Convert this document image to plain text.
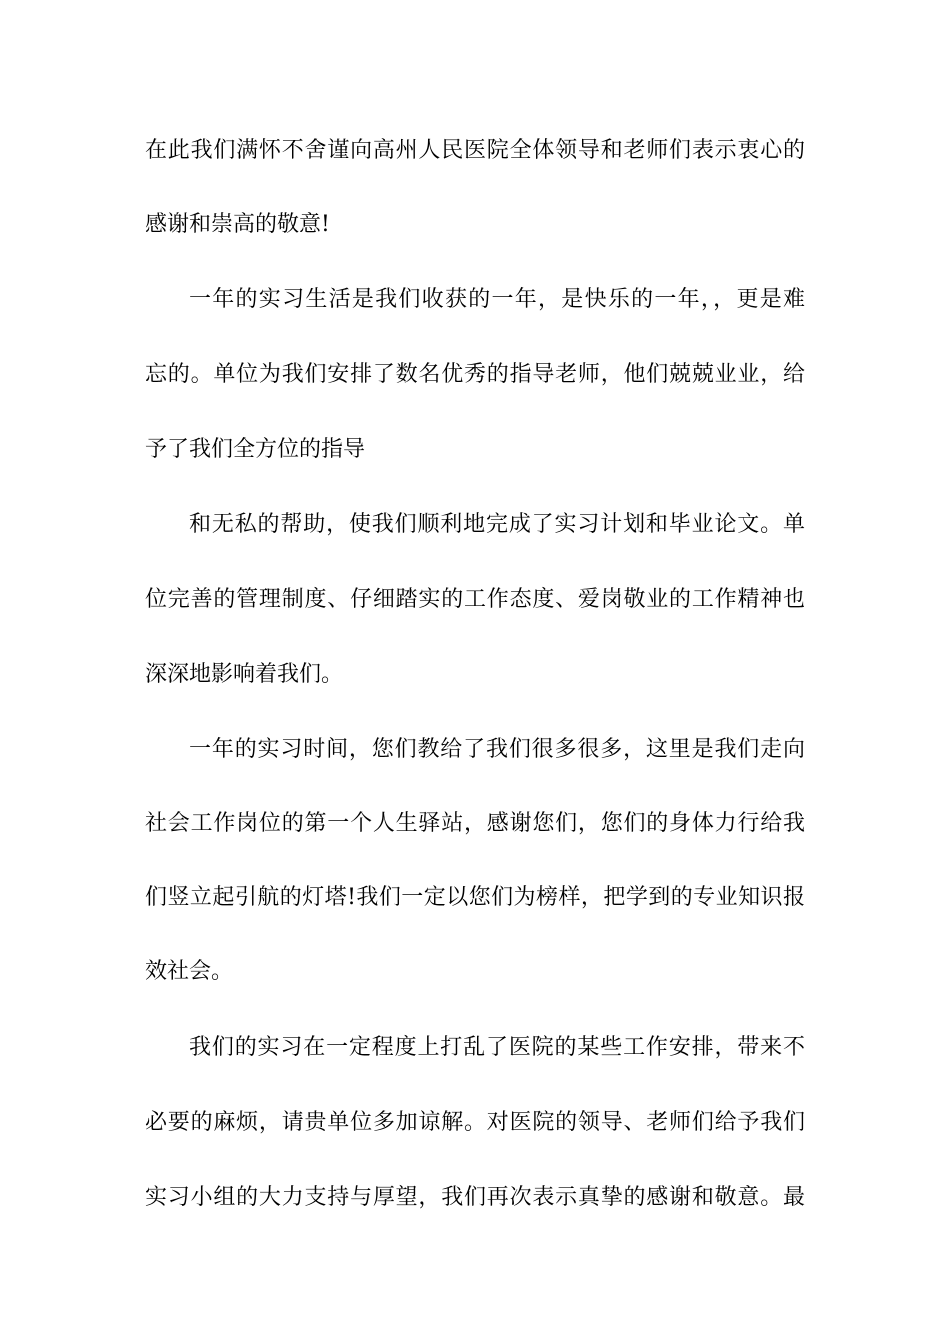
在此我们满怀不舍谨向高州人民医院全体领导和老师们表示衷心的
感谢和崇高的敬意!
一年的实习生活是我们收获的一年，是快乐的一年，，更是难
忘的。单位为我们安排了数名优秀的指导老师，他们兢兢业业，给
予了我们全方位的指导
和无私的帮助，使我们顺利地完成了实习计划和毕业论文。单
位完善的管理制度、仔细踏实的工作态度、爱岗敬业的工作精神也
深深地影响着我们。
一年的实习时间，您们教给了我们很多很多，这里是我们走向
社会工作岗位的第一个人生驿站，感谢您们，您们的身体力行给我
们竖立起引航的灯塔!我们一定以您们为榜样，把学到的专业知识报
效社会。
我们的实习在一定程度上打乱了医院的某些工作安排，带来不
必要的麻烦，请贵单位多加谅解。对医院的领导、老师们给予我们
实习小组的大力支持与厚望，我们再次表示真挚的感谢和敬意。最
